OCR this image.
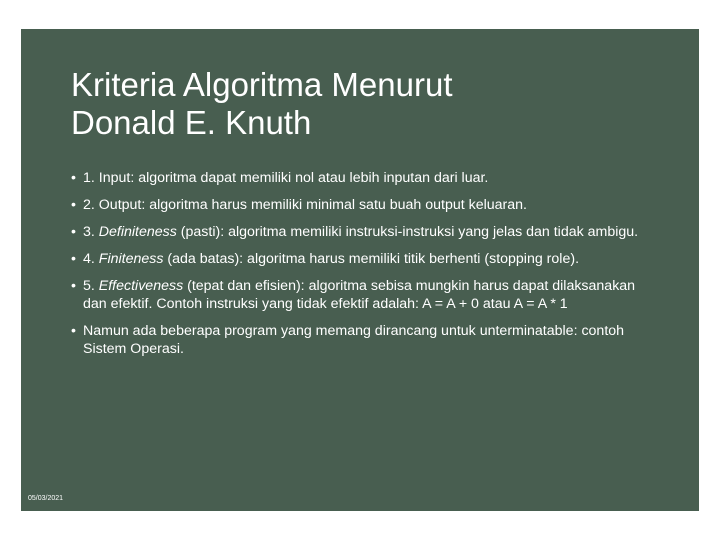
Kriteria Algoritma Menurut
Donald E. Knuth
• 1. Input: algoritma dapat memiliki nol atau lebih inputan dari luar.
• 2. Output: algoritma harus memiliki minimal satu buah output keluaran.
• 3. Definiteness (pasti): algoritma memiliki instruksi-instruksi yang jelas dan tidak ambigu.
• 4. Finiteness (ada batas): algoritma harus memiliki titik berhenti (stopping role).
• 5. Effectiveness (tepat dan efisien): algoritma sebisa mungkin harus dapat dilaksanakan dan efektif. Contoh instruksi yang tidak efektif adalah: A = A + 0 atau A = A * 1
• Namun ada beberapa program yang memang dirancang untuk unterminatable: contoh Sistem Operasi.
05/03/2021
